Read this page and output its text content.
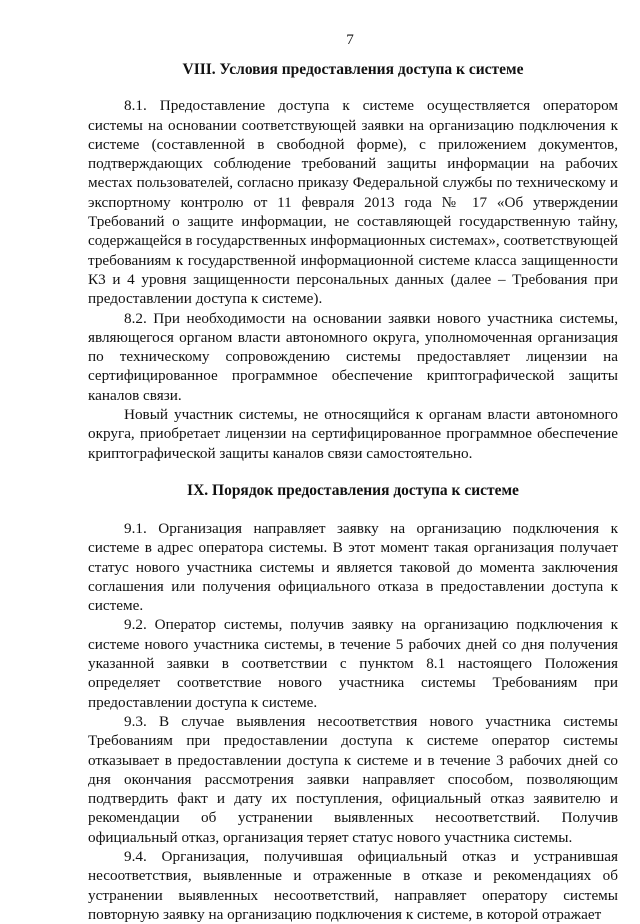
7
VIII. Условия предоставления доступа к системе

8.1. Предоставление доступа к системе осуществляется оператором системы на основании соответствующей заявки на организацию подключения к системе (составленной в свободной форме), с приложением документов, подтверждающих соблюдение требований защиты информации на рабочих местах пользователей, согласно приказу Федеральной службы по техническому и экспортному контролю от 11 февраля 2013 года № 17 «Об утверждении Требований о защите информации, не составляющей государственную тайну, содержащейся в государственных информационных системах», соответствующей требованиям к государственной информационной системе класса защищенности К3 и 4 уровня защищенности персональных данных (далее – Требования при предоставлении доступа к системе).

8.2. При необходимости на основании заявки нового участника системы, являющегося органом власти автономного округа, уполномоченная организация по техническому сопровождению системы предоставляет лицензии на сертифицированное программное обеспечение криптографической защиты каналов связи.

Новый участник системы, не относящийся к органам власти автономного округа, приобретает лицензии на сертифицированное программное обеспечение криптографической защиты каналов связи самостоятельно.

IX. Порядок предоставления доступа к системе

9.1. Организация направляет заявку на организацию подключения к системе в адрес оператора системы. В этот момент такая организация получает статус нового участника системы и является таковой до момента заключения соглашения или получения официального отказа в предоставлении доступа к системе.

9.2. Оператор системы, получив заявку на организацию подключения к системе нового участника системы, в течение 5 рабочих дней со дня получения указанной заявки в соответствии с пунктом 8.1 настоящего Положения определяет соответствие нового участника системы Требованиям при предоставлении доступа к системе.

9.3. В случае выявления несоответствия нового участника системы Требованиям при предоставлении доступа к системе оператор системы отказывает в предоставлении доступа к системе и в течение 3 рабочих дней со дня окончания рассмотрения заявки направляет способом, позволяющим подтвердить факт и дату их поступления, официальный отказ заявителю и рекомендации об устранении выявленных несоответствий. Получив официальный отказ, организация теряет статус нового участника системы.

9.4. Организация, получившая официальный отказ и устранившая несоответствия, выявленные и отраженные в отказе и рекомендациях об устранении выявленных несоответствий, направляет оператору системы повторную заявку на организацию подключения к системе, в которой отражает
